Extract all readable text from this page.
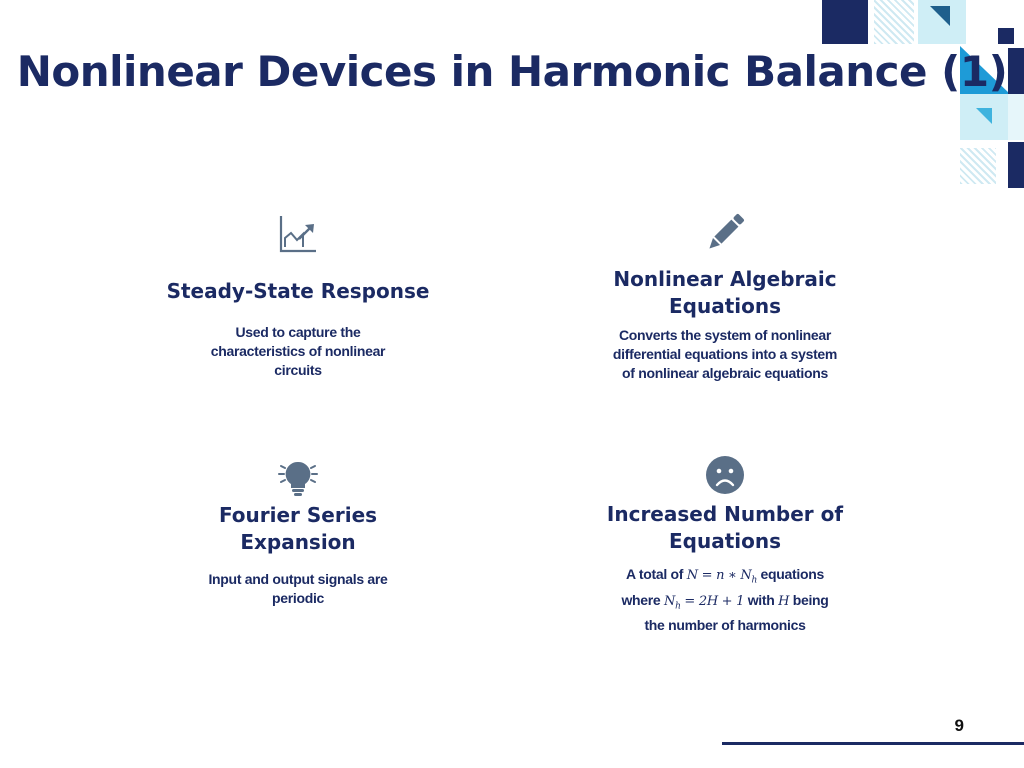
Nonlinear Devices in Harmonic Balance (1)
Steady-State Response
Used to capture the characteristics of nonlinear circuits
Nonlinear Algebraic Equations
Converts the system of nonlinear differential equations into a system of nonlinear algebraic equations
Fourier Series Expansion
Input and output signals are periodic
Increased Number of Equations
A total of N = n ∗ $N_h$ equations
where $N_h = 2H + 1$ with H being
the number of harmonics
9
